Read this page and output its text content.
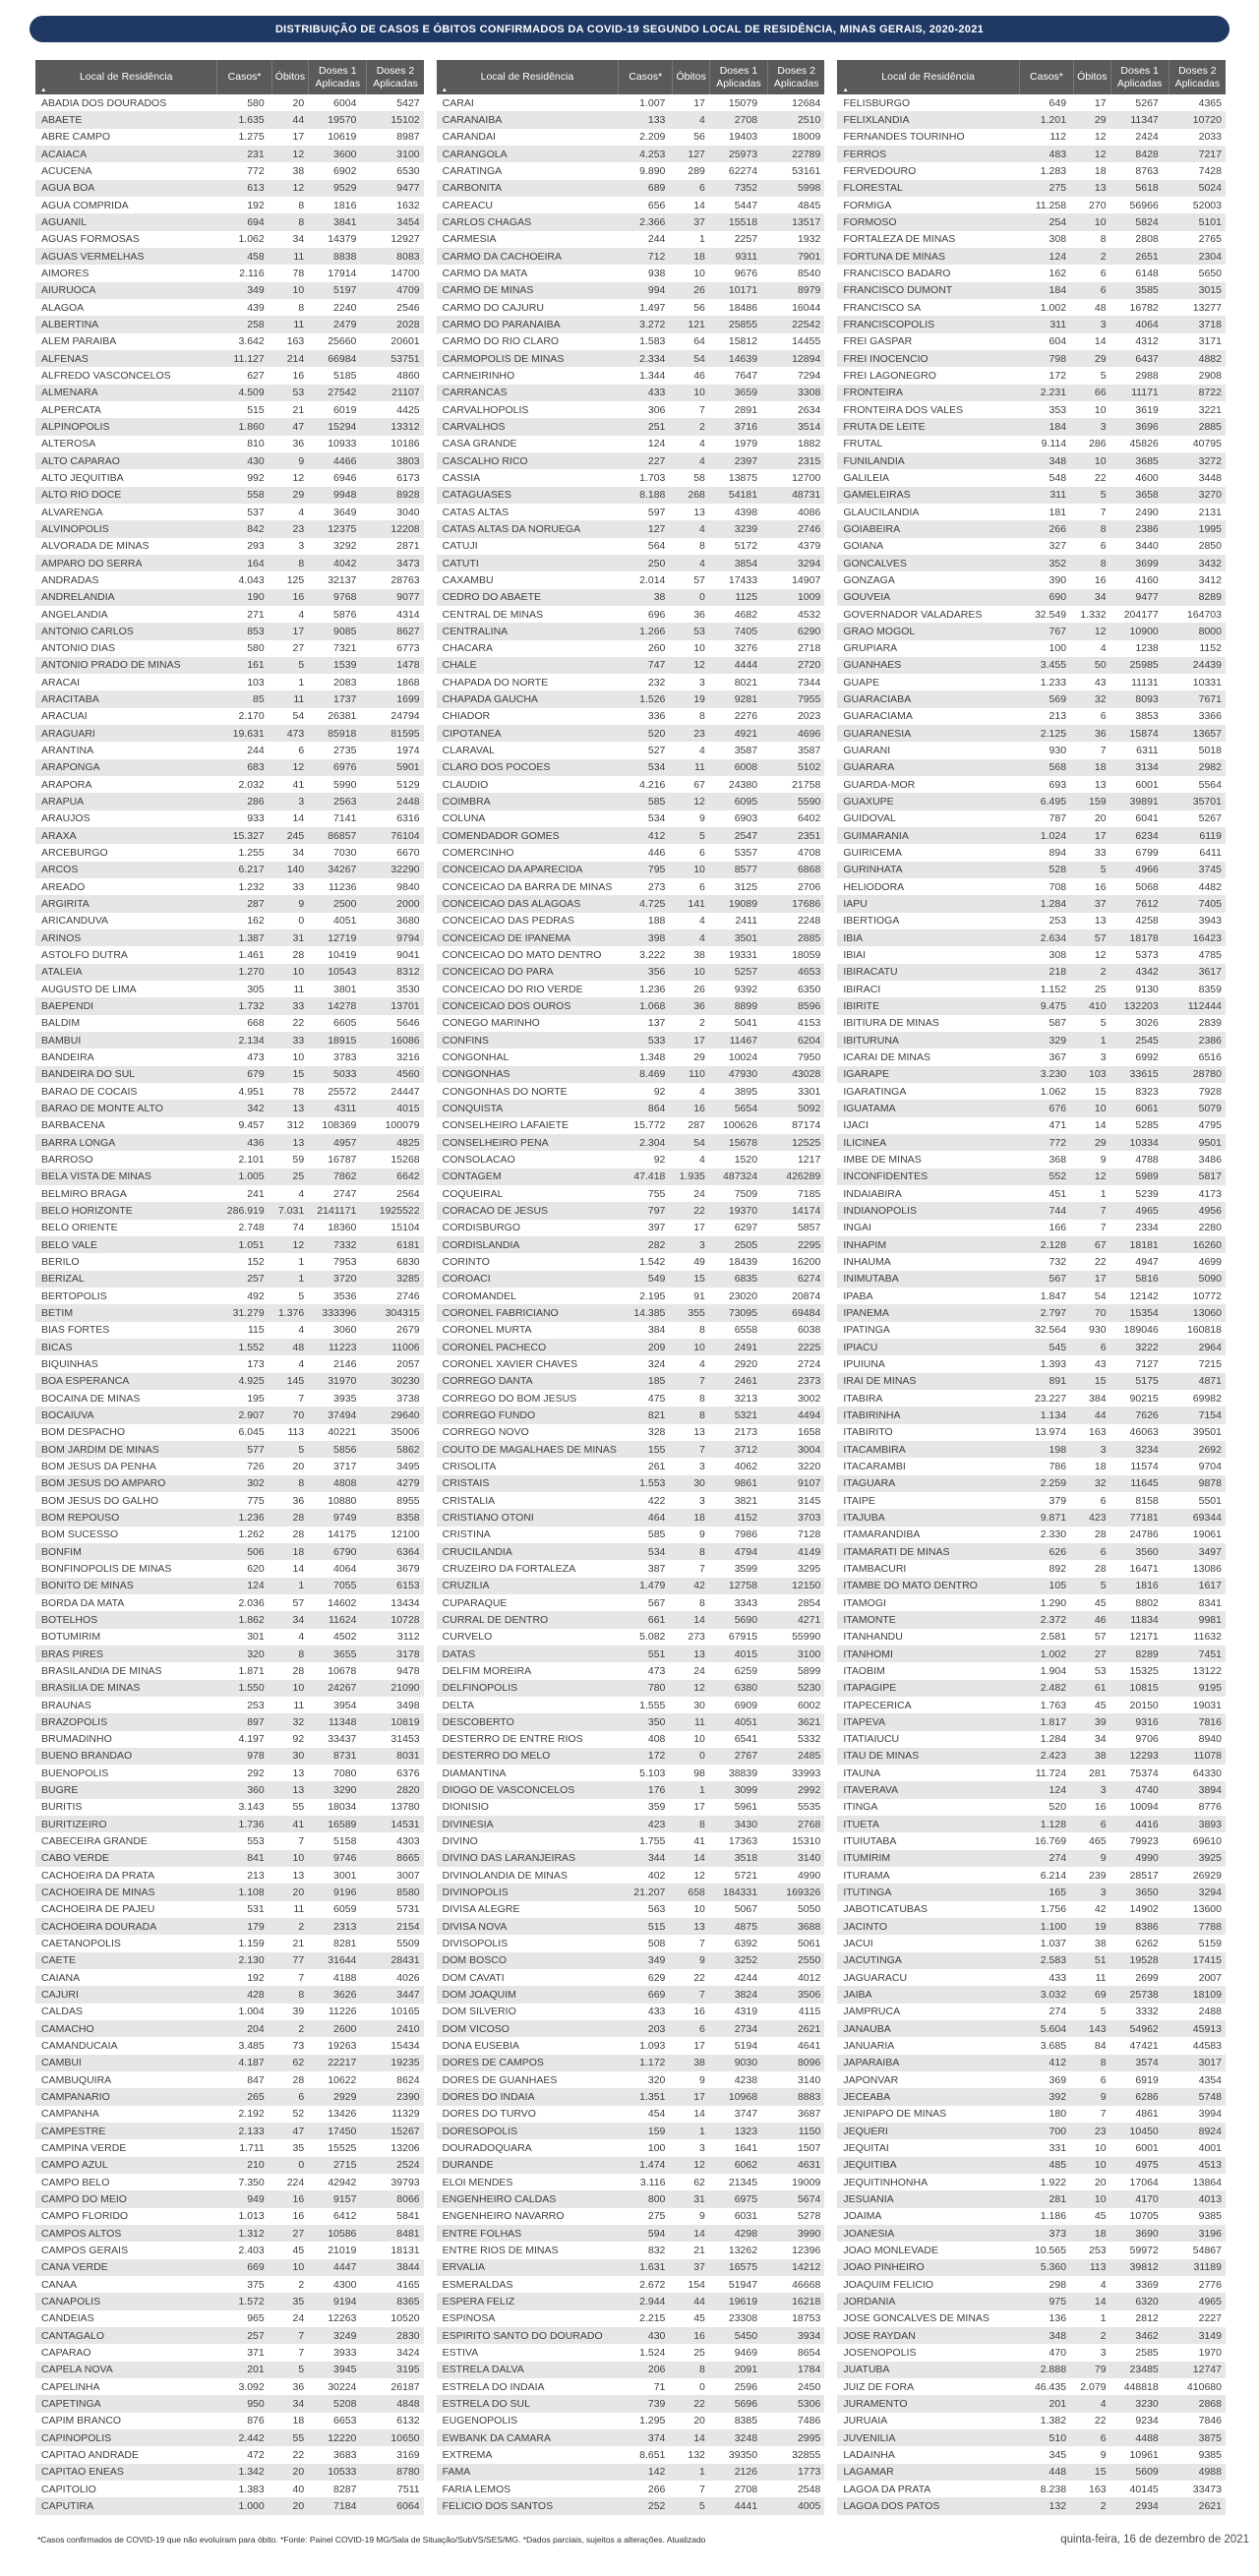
DISTRIBUIÇÃO DE CASOS E ÓBITOS CONFIRMADOS DA COVID-19 SEGUNDO LOCAL DE RESIDÊNCIA, MINAS GERAIS, 2020-2021
Local de Residência
▲
Casos*	Óbitos
Doses 1 Aplicadas
Doses 2 Aplicadas
ABADIA DOS DOURADOS	580	20	6004	5427
ABAETE	1.635	44	19570	15102
ABRE CAMPO	1.275	17	10619	8987
ACAIACA	231	12	3600	3100
ACUCENA	772	38	6902	6530
AGUA BOA	613	12	9529	9477
AGUA COMPRIDA	192	8	1816	1632
AGUANIL	694	8	3841	3454
AGUAS FORMOSAS	1.062	34	14379	12927
AGUAS VERMELHAS	458	11	8838	8083
AIMORES	2.116	78	17914	14700
AIURUOCA	349	10	5197	4709
ALAGOA	439	8	2240	2546
ALBERTINA	258	11	2479	2028
ALEM PARAIBA	3.642	163	25660	20601
ALFENAS	11.127	214	66984	53751
ALFREDO VASCONCELOS	627	16	5185	4860
ALMENARA	4.509	53	27542	21107
ALPERCATA	515	21	6019	4425
ALPINOPOLIS	1.860	47	15294	13312
ALTEROSA	810	36	10933	10186
ALTO CAPARAO	430	9	4466	3803
ALTO JEQUITIBA	992	12	6946	6173
ALTO RIO DOCE	558	29	9948	8928
ALVARENGA	537	4	3649	3040
ALVINOPOLIS	842	23	12375	12208
ALVORADA DE MINAS	293	3	3292	2871
AMPARO DO SERRA	164	8	4042	3473
ANDRADAS	4.043	125	32137	28763
ANDRELANDIA	190	16	9768	9077
ANGELANDIA	271	4	5876	4314
ANTONIO CARLOS	853	17	9085	8627
ANTONIO DIAS	580	27	7321	6773
ANTONIO PRADO DE MINAS	161	5	1539	1478
ARACAI	103	1	2083	1868
ARACITABA	85	11	1737	1699
ARACUAI	2.170	54	26381	24794
ARAGUARI	19.631	473	85918	81595
ARANTINA	244	6	2735	1974
ARAPONGA	683	12	6976	5901
ARAPORA	2.032	41	5990	5129
ARAPUA	286	3	2563	2448
ARAUJOS	933	14	7141	6316
ARAXA	15.327	245	86857	76104
ARCEBURGO	1.255	34	7030	6670
ARCOS	6.217	140	34267	32290
AREADO	1.232	33	11236	9840
ARGIRITA	287	9	2500	2000
ARICANDUVA	162	0	4051	3680
ARINOS	1.387	31	12719	9794
ASTOLFO DUTRA	1.461	28	10419	9041
ATALEIA	1.270	10	10543	8312
AUGUSTO DE LIMA	305	11	3801	3530
BAEPENDI	1.732	33	14278	13701
BALDIM	668	22	6605	5646
BAMBUI	2.134	33	18915	16086
BANDEIRA	473	10	3783	3216
BANDEIRA DO SUL	679	15	5033	4560
BARAO DE COCAIS	4.951	78	25572	24447
BARAO DE MONTE ALTO	342	13	4311	4015
BARBACENA	9.457	312	108369	100079
BARRA LONGA	436	13	4957	4825
BARROSO	2.101	59	16787	15268
BELA VISTA DE MINAS	1.005	25	7862	6642
BELMIRO BRAGA	241	4	2747	2564
BELO HORIZONTE	286.919	7.031	2141171	1925522
BELO ORIENTE	2.748	74	18360	15104
BELO VALE	1.051	12	7332	6181
BERILO	152	1	7953	6830
BERIZAL	257	1	3720	3285
BERTOPOLIS	492	5	3536	2746
BETIM	31.279	1.376	333396	304315
BIAS FORTES	115	4	3060	2679
BICAS	1.552	48	11223	11006
BIQUINHAS	173	4	2146	2057
BOA ESPERANCA	4.925	145	31970	30230
BOCAINA DE MINAS	195	7	3935	3738
BOCAIUVA	2.907	70	37494	29640
BOM DESPACHO	6.045	113	40221	35006
BOM JARDIM DE MINAS	577	5	5856	5862
BOM JESUS DA PENHA	726	20	3717	3495
BOM JESUS DO AMPARO	302	8	4808	4279
BOM JESUS DO GALHO	775	36	10880	8955
BOM REPOUSO	1.236	28	9749	8358
BOM SUCESSO	1.262	28	14175	12100
BONFIM	506	18	6790	6364
BONFINOPOLIS DE MINAS	620	14	4064	3679
BONITO DE MINAS	124	1	7055	6153
BORDA DA MATA	2.036	57	14602	13434
BOTELHOS	1.862	34	11624	10728
BOTUMIRIM	301	4	4502	3112
BRAS PIRES	320	8	3655	3178
BRASILANDIA DE MINAS	1.871	28	10678	9478
BRASILIA DE MINAS	1.550	10	24267	21090
BRAUNAS	253	11	3954	3498
BRAZOPOLIS	897	32	11348	10819
BRUMADINHO	4.197	92	33437	31453
BUENO BRANDAO	978	30	8731	8031
BUENOPOLIS	292	13	7080	6376
BUGRE	360	13	3290	2820
BURITIS	3.143	55	18034	13780
BURITIZEIRO	1.736	41	16589	14531
CABECEIRA GRANDE	553	7	5158	4303
CABO VERDE	841	10	9746	8665
CACHOEIRA DA PRATA	213	13	3001	3007
CACHOEIRA DE MINAS	1.108	20	9196	8580
CACHOEIRA DE PAJEU	531	11	6059	5731
CACHOEIRA DOURADA	179	2	2313	2154
CAETANOPOLIS	1.159	21	8281	5509
CAETE	2.130	77	31644	28431
CAIANA	192	7	4188	4026
CAJURI	428	8	3626	3447
CALDAS	1.004	39	11226	10165
CAMACHO	204	2	2600	2410
CAMANDUCAIA	3.485	73	19263	15434
CAMBUI	4.187	62	22217	19235
CAMBUQUIRA	847	28	10622	8624
CAMPANARIO	265	6	2929	2390
CAMPANHA	2.192	52	13426	11329
CAMPESTRE	2.133	47	17450	15267
CAMPINA VERDE	1.711	35	15525	13206
CAMPO AZUL	210	0	2715	2524
CAMPO BELO	7.350	224	42942	39793
CAMPO DO MEIO	949	16	9157	8066
CAMPO FLORIDO	1.013	16	6412	5841
CAMPOS ALTOS	1.312	27	10586	8481
CAMPOS GERAIS	2.403	45	21019	18131
CANA VERDE	669	10	4447	3844
CANAA	375	2	4300	4165
CANAPOLIS	1.572	35	9194	8365
CANDEIAS	965	24	12263	10520
CANTAGALO	257	7	3249	2830
CAPARAO	371	7	3933	3424
CAPELA NOVA	201	5	3945	3195
CAPELINHA	3.092	36	30224	26187
CAPETINGA	950	34	5208	4848
CAPIM BRANCO	876	18	6653	6132
CAPINOPOLIS	2.442	55	12220	10650
CAPITAO ANDRADE	472	22	3683	3169
CAPITAO ENEAS	1.342	20	10533	8780
CAPITOLIO	1.383	40	8287	7511
CAPUTIRA	1.000	20	7184	6064
Local de Residência
▲
Casos*	Óbitos
Doses 1 Aplicadas
Doses 2 Aplicadas
CARAI	1.007	17	15079	12684
CARANAIBA	133	4	2708	2510
CARANDAI	2.209	56	19403	18009
CARANGOLA	4.253	127	25973	22789
CARATINGA	9.890	289	62274	53161
CARBONITA	689	6	7352	5998
CAREACU	656	14	5447	4845
CARLOS CHAGAS	2.366	37	15518	13517
CARMESIA	244	1	2257	1932
CARMO DA CACHOEIRA	712	18	9311	7901
CARMO DA MATA	938	10	9676	8540
CARMO DE MINAS	994	26	10171	8979
CARMO DO CAJURU	1.497	56	18486	16044
CARMO DO PARANAIBA	3.272	121	25855	22542
CARMO DO RIO CLARO	1.583	64	15812	14455
CARMOPOLIS DE MINAS	2.334	54	14639	12894
CARNEIRINHO	1.344	46	7647	7294
CARRANCAS	433	10	3659	3308
CARVALHOPOLIS	306	7	2891	2634
CARVALHOS	251	2	3716	3514
CASA GRANDE	124	4	1979	1882
CASCALHO RICO	227	4	2397	2315
CASSIA	1.703	58	13875	12700
CATAGUASES	8.188	268	54181	48731
CATAS ALTAS	597	13	4398	4086
CATAS ALTAS DA NORUEGA	127	4	3239	2746
CATUJI	564	8	5172	4379
CATUTI	250	4	3854	3294
CAXAMBU	2.014	57	17433	14907
CEDRO DO ABAETE	38	0	1125	1009
CENTRAL DE MINAS	696	36	4682	4532
CENTRALINA	1.266	53	7405	6290
CHACARA	260	10	3276	2718
CHALE	747	12	4444	2720
CHAPADA DO NORTE	232	3	8021	7344
CHAPADA GAUCHA	1.526	19	9281	7955
CHIADOR	336	8	2276	2023
CIPOTANEA	520	23	4921	4696
CLARAVAL	527	4	3587	3587
CLARO DOS POCOES	534	11	6008	5102
CLAUDIO	4.216	67	24380	21758
COIMBRA	585	12	6095	5590
COLUNA	534	9	6903	6402
COMENDADOR GOMES	412	5	2547	2351
COMERCINHO	446	6	5357	4708
CONCEICAO DA APARECIDA	795	10	8577	6868
CONCEICAO DA BARRA DE MINAS	273	6	3125	2706
CONCEICAO DAS ALAGOAS	4.725	141	19089	17686
CONCEICAO DAS PEDRAS	188	4	2411	2248
CONCEICAO DE IPANEMA	398	4	3501	2885
CONCEICAO DO MATO DENTRO	3.222	38	19331	18059
CONCEICAO DO PARA	356	10	5257	4653
CONCEICAO DO RIO VERDE	1.236	26	9392	6350
CONCEICAO DOS OUROS	1.068	36	8899	8596
CONEGO MARINHO	137	2	5041	4153
CONFINS	533	17	11467	6204
CONGONHAL	1.348	29	10024	7950
CONGONHAS	8.469	110	47930	43028
CONGONHAS DO NORTE	92	4	3895	3301
CONQUISTA	864	16	5654	5092
CONSELHEIRO LAFAIETE	15.772	287	100626	87174
CONSELHEIRO PENA	2.304	54	15678	12525
CONSOLACAO	92	4	1520	1217
CONTAGEM	47.418	1.935	487324	426289
COQUEIRAL	755	24	7509	7185
CORACAO DE JESUS	797	22	19370	14174
CORDISBURGO	397	17	6297	5857
CORDISLANDIA	282	3	2505	2295
CORINTO	1.542	49	18439	16200
COROACI	549	15	6835	6274
COROMANDEL	2.195	91	23020	20874
CORONEL FABRICIANO	14.385	355	73095	69484
CORONEL MURTA	384	8	6558	6038
CORONEL PACHECO	209	10	2491	2225
CORONEL XAVIER CHAVES	324	4	2920	2724
CORREGO DANTA	185	7	2461	2373
CORREGO DO BOM JESUS	475	8	3213	3002
CORREGO FUNDO	821	8	5321	4494
CORREGO NOVO	328	13	2173	1658
COUTO DE MAGALHAES DE MINAS	155	7	3712	3004
CRISOLITA	261	3	4062	3220
CRISTAIS	1.553	30	9861	9107
CRISTALIA	422	3	3821	3145
CRISTIANO OTONI	464	18	4152	3703
CRISTINA	585	9	7986	7128
CRUCILANDIA	534	8	4794	4149
CRUZEIRO DA FORTALEZA	387	7	3599	3295
CRUZILIA	1.479	42	12758	12150
CUPARAQUE	567	8	3343	2854
CURRAL DE DENTRO	661	14	5690	4271
CURVELO	5.082	273	67915	55990
DATAS	551	13	4015	3100
DELFIM MOREIRA	473	24	6259	5899
DELFINOPOLIS	780	12	6380	5230
DELTA	1.555	30	6909	6002
DESCOBERTO	350	11	4051	3621
DESTERRO DE ENTRE RIOS	408	10	6541	5332
DESTERRO DO MELO	172	0	2767	2485
DIAMANTINA	5.103	98	38839	33993
DIOGO DE VASCONCELOS	176	1	3099	2992
DIONISIO	359	17	5961	5535
DIVINESIA	423	8	3430	2768
DIVINO	1.755	41	17363	15310
DIVINO DAS LARANJEIRAS	344	14	3518	3140
DIVINOLANDIA DE MINAS	402	12	5721	4990
DIVINOPOLIS	21.207	658	184331	169326
DIVISA ALEGRE	563	10	5067	5050
DIVISA NOVA	515	13	4875	3688
DIVISOPOLIS	508	7	6392	5061
DOM BOSCO	349	9	3252	2550
DOM CAVATI	629	22	4244	4012
DOM JOAQUIM	669	7	3824	3506
DOM SILVERIO	433	16	4319	4115
DOM VICOSO	203	6	2734	2621
DONA EUSEBIA	1.093	17	5194	4641
DORES DE CAMPOS	1.172	38	9030	8096
DORES DE GUANHAES	320	9	4238	3140
DORES DO INDAIA	1.351	17	10968	8883
DORES DO TURVO	454	14	3747	3687
DORESOPOLIS	159	1	1323	1150
DOURADOQUARA	100	3	1641	1507
DURANDE	1.474	12	6062	4631
ELOI MENDES	3.116	62	21345	19009
ENGENHEIRO CALDAS	800	31	6975	5674
ENGENHEIRO NAVARRO	275	9	6031	5278
ENTRE FOLHAS	594	14	4298	3990
ENTRE RIOS DE MINAS	832	21	13262	12396
ERVALIA	1.631	37	16575	14212
ESMERALDAS	2.672	154	51947	46668
ESPERA FELIZ	2.944	44	19619	16218
ESPINOSA	2.215	45	23308	18753
ESPIRITO SANTO DO DOURADO	430	16	5450	3934
ESTIVA	1.524	25	9469	8654
ESTRELA DALVA	206	8	2091	1784
ESTRELA DO INDAIA	71	0	2596	2450
ESTRELA DO SUL	739	22	5696	5306
EUGENOPOLIS	1.295	20	8385	7486
EWBANK DA CAMARA	374	14	3248	2995
EXTREMA	8.651	132	39350	32855
FAMA	142	1	2126	1773
FARIA LEMOS	266	7	2708	2548
FELICIO DOS SANTOS	252	5	4441	4005
Local de Residência
▲
Casos*	Óbitos
Doses 1 Aplicadas
Doses 2 Aplicadas
FELISBURGO	649	17	5267	4365
FELIXLANDIA	1.201	29	11347	10720
FERNANDES TOURINHO	112	12	2424	2033
FERROS	483	12	8428	7217
FERVEDOURO	1.283	18	8763	7428
FLORESTAL	275	13	5618	5024
FORMIGA	11.258	270	56966	52003
FORMOSO	254	10	5824	5101
FORTALEZA DE MINAS	308	8	2808	2765
FORTUNA DE MINAS	124	2	2651	2304
FRANCISCO BADARO	162	6	6148	5650
FRANCISCO DUMONT	184	6	3585	3015
FRANCISCO SA	1.002	48	16782	13277
FRANCISCOPOLIS	311	3	4064	3718
FREI GASPAR	604	14	4312	3171
FREI INOCENCIO	798	29	6437	4882
FREI LAGONEGRO	172	5	2988	2908
FRONTEIRA	2.231	66	11171	8722
FRONTEIRA DOS VALES	353	10	3619	3221
FRUTA DE LEITE	184	3	3696	2885
FRUTAL	9.114	286	45826	40795
FUNILANDIA	348	10	3685	3272
GALILEIA	548	22	4600	3448
GAMELEIRAS	311	5	3658	3270
GLAUCILANDIA	181	7	2490	2131
GOIABEIRA	266	8	2386	1995
GOIANA	327	6	3440	2850
GONCALVES	352	8	3699	3432
GONZAGA	390	16	4160	3412
GOUVEIA	690	34	9477	8289
GOVERNADOR VALADARES	32.549	1.332	204177	164703
GRAO MOGOL	767	12	10900	8000
GRUPIARA	100	4	1238	1152
GUANHAES	3.455	50	25985	24439
GUAPE	1.233	43	11131	10331
GUARACIABA	569	32	8093	7671
GUARACIAMA	213	6	3853	3366
GUARANESIA	2.125	36	15874	13657
GUARANI	930	7	6311	5018
GUARARA	568	18	3134	2982
GUARDA-MOR	693	13	6001	5564
GUAXUPE	6.495	159	39891	35701
GUIDOVAL	787	20	6041	5267
GUIMARANIA	1.024	17	6234	6119
GUIRICEMA	894	33	6799	6411
GURINHATA	528	5	4966	3745
HELIODORA	708	16	5068	4482
IAPU	1.284	37	7612	7405
IBERTIOGA	253	13	4258	3943
IBIA	2.634	57	18178	16423
IBIAI	308	12	5373	4785
IBIRACATU	218	2	4342	3617
IBIRACI	1.152	25	9130	8359
IBIRITE	9.475	410	132203	112444
IBITIURA DE MINAS	587	5	3026	2839
IBITURUNA	329	1	2545	2386
ICARAI DE MINAS	367	3	6992	6516
IGARAPE	3.230	103	33615	28780
IGARATINGA	1.062	15	8323	7928
IGUATAMA	676	10	6061	5079
IJACI	471	14	5285	4795
ILICINEA	772	29	10334	9501
IMBE DE MINAS	368	9	4788	3486
INCONFIDENTES	552	12	5989	5817
INDAIABIRA	451	1	5239	4173
INDIANOPOLIS	744	7	4965	4956
INGAI	166	7	2334	2280
INHAPIM	2.128	67	18181	16260
INHAUMA	732	22	4947	4699
INIMUTABA	567	17	5816	5090
IPABA	1.847	54	12142	10772
IPANEMA	2.797	70	15354	13060
IPATINGA	32.564	930	189046	160818
IPIACU	545	6	3222	2964
IPUIUNA	1.393	43	7127	7215
IRAI DE MINAS	891	15	5175	4871
ITABIRA	23.227	384	90215	69982
ITABIRINHA	1.134	44	7626	7154
ITABIRITO	13.974	163	46063	39501
ITACAMBIRA	198	3	3234	2692
ITACARAMBI	786	18	11574	9704
ITAGUARA	2.259	32	11645	9878
ITAIPE	379	6	8158	5501
ITAJUBA	9.871	423	77181	69344
ITAMARANDIBA	2.330	28	24786	19061
ITAMARATI DE MINAS	626	6	3560	3497
ITAMBACURI	892	28	16471	13086
ITAMBE DO MATO DENTRO	105	5	1816	1617
ITAMOGI	1.290	45	8802	8341
ITAMONTE	2.372	46	11834	9981
ITANHANDU	2.581	57	12171	11632
ITANHOMI	1.002	27	8289	7451
ITAOBIM	1.904	53	15325	13122
ITAPAGIPE	2.482	61	10815	9195
ITAPECERICA	1.763	45	20150	19031
ITAPEVA	1.817	39	9316	7816
ITATIAIUCU	1.284	34	9706	8940
ITAU DE MINAS	2.423	38	12293	11078
ITAUNA	11.724	281	75374	64330
ITAVERAVA	124	3	4740	3894
ITINGA	520	16	10094	8776
ITUETA	1.128	6	4416	3893
ITUIUTABA	16.769	465	79923	69610
ITUMIRIM	274	9	4990	3925
ITURAMA	6.214	239	28517	26929
ITUTINGA	165	3	3650	3294
JABOTICATUBAS	1.756	42	14902	13600
JACINTO	1.100	19	8386	7788
JACUI	1.037	38	6262	5159
JACUTINGA	2.583	51	19528	17415
JAGUARACU	433	11	2699	2007
JAIBA	3.032	69	25738	18109
JAMPRUCA	274	5	3332	2488
JANAUBA	5.604	143	54962	45913
JANUARIA	3.685	84	47421	44583
JAPARAIBA	412	8	3574	3017
JAPONVAR	369	6	6919	4354
JECEABA	392	9	6286	5748
JENIPAPO DE MINAS	180	7	4861	3994
JEQUERI	700	23	10450	8924
JEQUITAI	331	10	6001	4001
JEQUITIBA	485	10	4975	4513
JEQUITINHONHA	1.922	20	17064	13864
JESUANIA	281	10	4170	4013
JOAIMA	1.186	45	10705	9385
JOANESIA	373	18	3690	3196
JOAO MONLEVADE	10.565	253	59972	54867
JOAO PINHEIRO	5.360	113	39812	31189
JOAQUIM FELICIO	298	4	3369	2776
JORDANIA	975	14	6320	4965
JOSE GONCALVES DE MINAS	136	1	2812	2227
JOSE RAYDAN	348	2	3462	3149
JOSENOPOLIS	470	3	2585	1970
JUATUBA	2.888	79	23485	12747
JUIZ DE FORA	46.435	2.079	448818	410680
JURAMENTO	201	4	3230	2868
JURUAIA	1.382	22	9234	7846
JUVENILIA	510	6	4488	3875
LADAINHA	345	9	10961	9385
LAGAMAR	448	15	5609	4988
LAGOA DA PRATA	8.238	163	40145	33473
LAGOA DOS PATOS	132	2	2934	2621
*Casos confirmados de COVID-19 que não evoluíram para óbito. *Fonte: Painel COVID-19 MG/Sala de Situação/SubVS/SES/MG. *Dados parciais, sujeitos a alterações. Atualizado	quinta-feira, 16 de dezembro de 2021
